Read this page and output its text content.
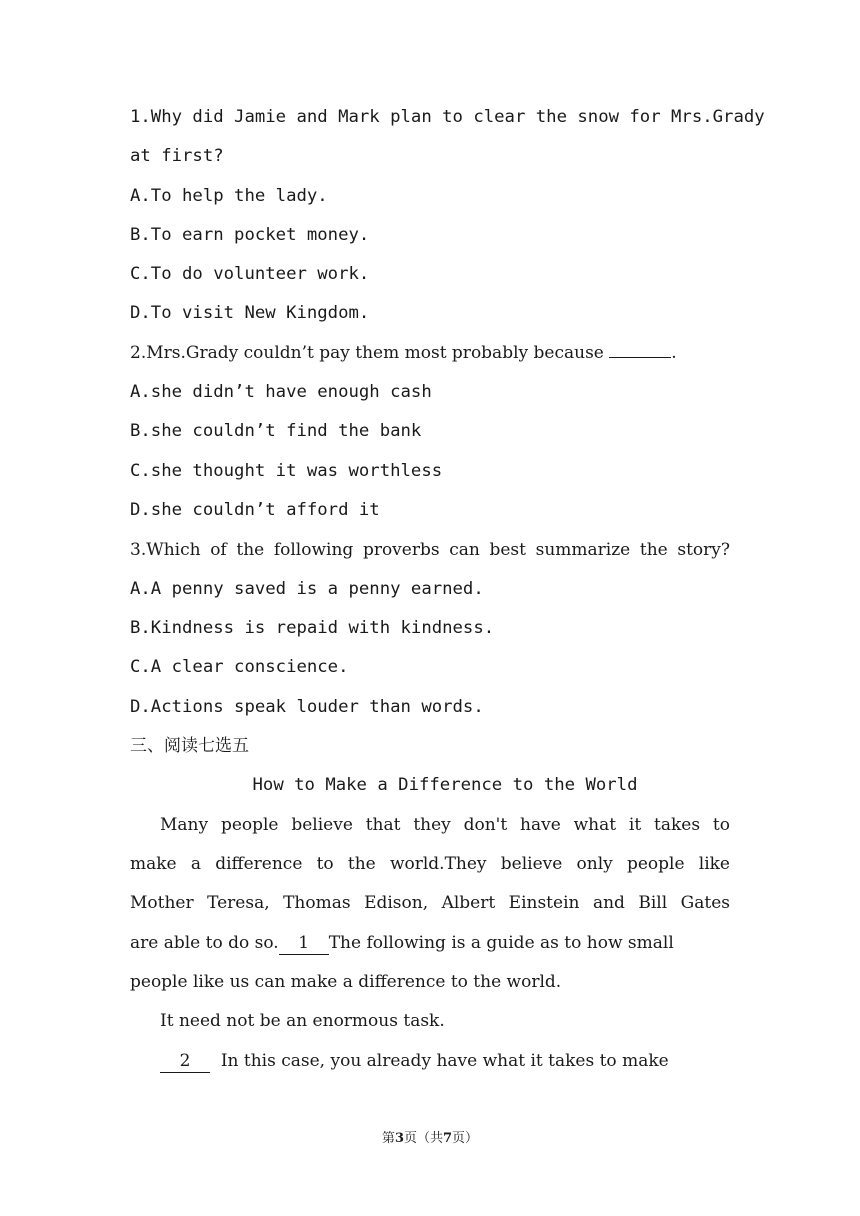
1.Why did Jamie and Mark plan to clear the snow for Mrs.Grady
at first?
A.To help the lady.
B.To earn pocket money.
C.To do volunteer work.
D.To visit New Kingdom.
2.Mrs.Grady couldn’t pay them most probably because	.
A.she didn’t have enough cash
B.she couldn’t find the bank
C.she thought it was worthless
D.she couldn’t afford it
3.Which of the following proverbs can best summarize the story?
A.A penny saved is a penny earned.
B.Kindness is repaid with kindness.
C.A clear conscience.
D.Actions speak louder than words.
三、阅读七选五
How to Make a Difference to the World
Many people believe that they don't have what it takes to
make a difference to the world.They believe only people like
Mother Teresa, Thomas Edison, Albert Einstein and Bill Gates
are able to do so. 1 The following is a guide as to how small
people like us can make a difference to the world.
It need not be an enormous task.
2 In this case, you already have what it takes to make
第3页（共7页）
